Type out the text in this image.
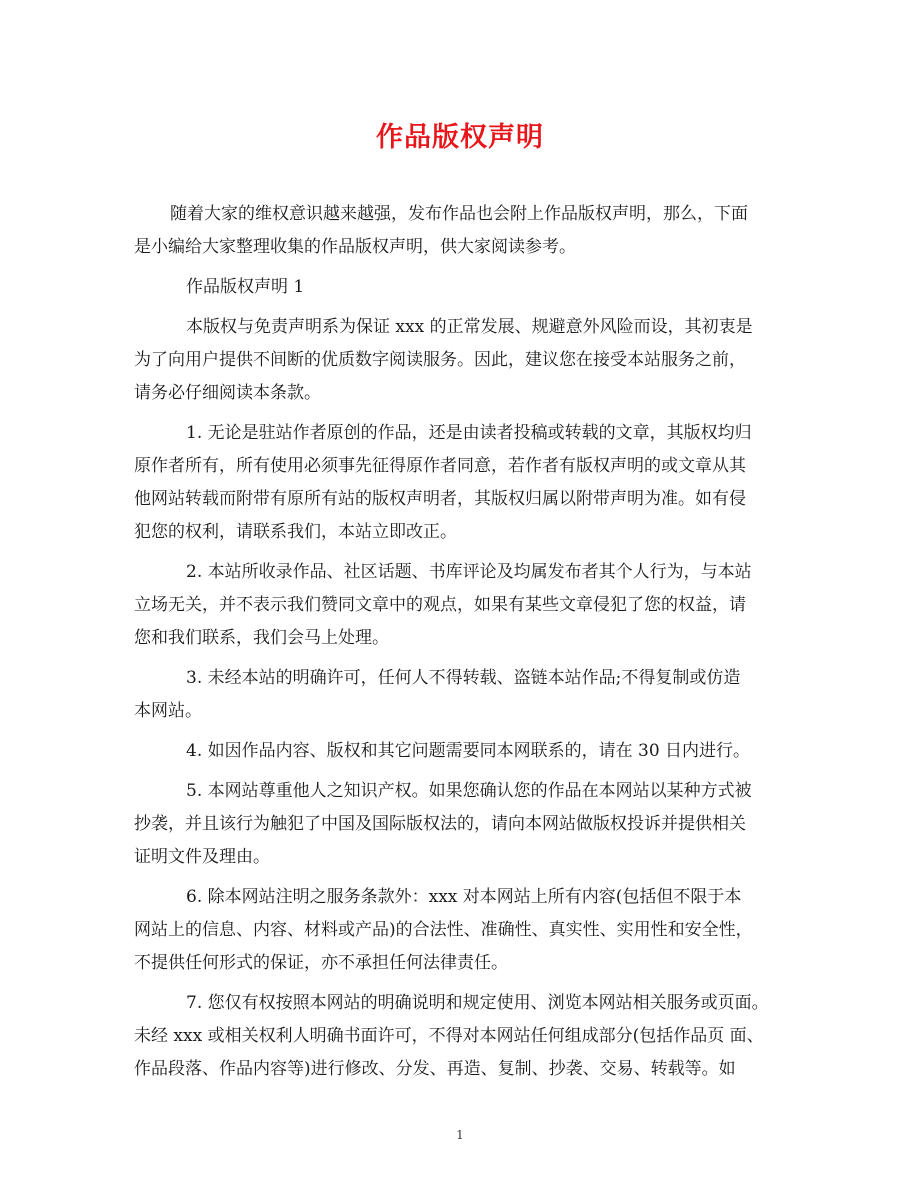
作品版权声明
随着大家的维权意识越来越强，发布作品也会附上作品版权声明，那么，下面
是小编给大家整理收集的作品版权声明，供大家阅读参考。
作品版权声明 1
本版权与免责声明系为保证 xxx 的正常发展、规避意外风险而设，其初衷是
为了向用户提供不间断的优质数字阅读服务。因此，建议您在接受本站服务之前，
请务必仔细阅读本条款。
1. 无论是驻站作者原创的作品，还是由读者投稿或转载的文章，其版权均归
原作者所有，所有使用必须事先征得原作者同意，若作者有版权声明的或文章从其
他网站转载而附带有原所有站的版权声明者，其版权归属以附带声明为准。如有侵
犯您的权利，请联系我们，本站立即改正。
2. 本站所收录作品、社区话题、书库评论及均属发布者其个人行为，与本站
立场无关，并不表示我们赞同文章中的观点，如果有某些文章侵犯了您的权益，请
您和我们联系，我们会马上处理。
3. 未经本站的明确许可，任何人不得转载、盗链本站作品;不得复制或仿造
本网站。
4. 如因作品内容、版权和其它问题需要同本网联系的，请在 30 日内进行。
5. 本网站尊重他人之知识产权。如果您确认您的作品在本网站以某种方式被
抄袭，并且该行为触犯了中国及国际版权法的，请向本网站做版权投诉并提供相关
证明文件及理由。
6. 除本网站注明之服务条款外：xxx 对本网站上所有内容(包括但不限于本
网站上的信息、内容、材料或产品)的合法性、准确性、真实性、实用性和安全性，
不提供任何形式的保证，亦不承担任何法律责任。
7. 您仅有权按照本网站的明确说明和规定使用、浏览本网站相关服务或页面。
未经 xxx 或相关权利人明确书面许可，不得对本网站任何组成部分(包括作品页 面、
作品段落、作品内容等)进行修改、分发、再造、复制、抄袭、交易、转载等。如
1
